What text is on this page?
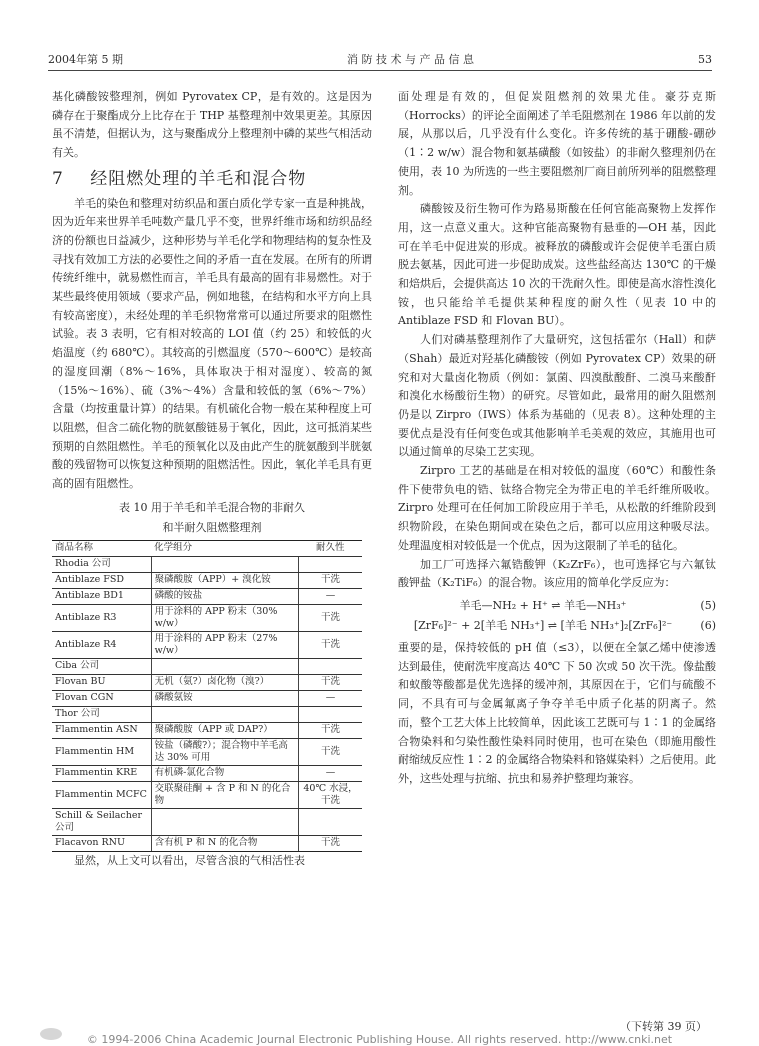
2004年第 5 期	消 防 技 术 与 产 品 信 息	53

基化磷酸铵整理剂，例如 Pyrovatex CP，是有效的。这是因为磷存在于聚酯成分上比存在于 THP 基整理剂中效果更差。其原因虽不清楚，但据认为，这与聚酯成分上整理剂中磷的某些气相活动有关。

7 经阻燃处理的羊毛和混合物

羊毛的染色和整理对纺织品和蛋白质化学专家一直是种挑战，因为近年来世界羊毛吨数产量几乎不变，世界纤维市场和纺织品经济的份额也日益减少，这种形势与羊毛化学和物理结构的复杂性及寻找有效加工方法的必要性之间的矛盾一直在发展。在所有的所谓传统纤维中，就易燃性而言，羊毛具有最高的固有非易燃性。对于某些最终使用领域（要求产品，例如地毯，在结构和水平方向上具有较高密度），未经处理的羊毛织物常常可以通过所要求的阻燃性试验。表 3 表明，它有相对较高的 LOI 值（约 25）和较低的火焰温度（约 680℃）。其较高的引燃温度（570～600℃）是较高的湿度回潮（8%～16%，具体取决于相对湿度）、较高的氮（15%～16%）、硫（3%～4%）含量和较低的氢（6%～7%）含量（均按重量计算）的结果。有机硫化合物一般在某种程度上可以阻燃，但含二硫化物的胱氨酸链易于氧化，因此，这可抵消某些预期的自然阻燃性。羊毛的预氧化以及由此产生的胱氨酸到半胱氨酸的残留物可以恢复这种预期的阻燃活性。因此，氧化羊毛具有更高的固有阻燃性。

表 10 用于羊毛和羊毛混合物的非耐久
和半耐久阻燃整理剂
商品名称	化学组分	耐久性
Rhodia 公司		
Antiblaze FSD	聚磷酸胺（APP）+ 溴化铵	干洗
Antiblaze BD1	磷酸的铵盐	—
Antiblaze R3	用于涂料的 APP 粉末（30% w/w）	干洗
Antiblaze R4	用于涂料的 APP 粉末（27% w/w）	干洗
Ciba 公司		
Flovan BU	无机（氨?）卤化物（溴?）	干洗
Flovan CGN	磷酸氨铵	—
Thor 公司		
Flammentin ASN	聚磷酸胺（APP 或 DAP?）	干洗
Flammentin HM	铵盐（磷酸?）；混合物中羊毛高达 30% 可用	干洗
Flammentin KRE	有机磷-氯化合物	—
Flammentin MCFC	交联聚硅酮 + 含 P 和 N 的化合物	40℃ 水浸，干洗
Schill & Seilacher 公司		
Flacavon RNU	含有机 P 和 N 的化合物	干洗

显然，从上文可以看出，尽管含浪的气相活性表

面处理是有效的，但促炭阻燃剂的效果尤佳。豪芬克斯（Horrocks）的评论全面阐述了羊毛阻燃剂在 1986 年以前的发展，从那以后，几乎没有什么变化。许多传统的基于硼酸-硼砂（1∶2 w/w）混合物和氨基磺酸（如铵盐）的非耐久整理剂仍在使用，表 10 为所选的一些主要阻燃剂厂商目前所列举的阻燃整理剂。

磷酸铵及衍生物可作为路易斯酸在任何官能高聚物上发挥作用，这一点意义重大。这种官能高聚物有悬垂的—OH 基，因此可在羊毛中促进炭的形成。被释放的磷酸或许会促使羊毛蛋白质脱去氨基，因此可进一步促助成炭。这些盐经高达 130℃ 的干燥和焙烘后，会提供高达 10 次的干洗耐久性。即使是高水溶性溴化铵，也只能给羊毛提供某种程度的耐久性（见表 10 中的 Antiblaze FSD 和 Flovan BU）。

人们对磷基整理剂作了大量研究，这包括霍尔（Hall）和萨（Shah）最近对羟基化磷酸铵（例如 Pyrovatex CP）效果的研究和对大量卤化物质（例如：氯菌、四溴酞酸酐、二溴马来酸酐和溴化水杨酸衍生物）的研究。尽管如此，最常用的耐久阻燃剂仍是以 Zirpro（IWS）体系为基础的（见表 8）。这种处理的主要优点是没有任何变色或其他影响羊毛美观的效应，其施用也可以通过简单的尽染工艺实现。

Zirpro 工艺的基础是在相对较低的温度（60℃）和酸性条件下使带负电的锆、钛络合物完全为带正电的羊毛纤维所吸收。Zirpro 处理可在任何加工阶段应用于羊毛，从松散的纤维阶段到织物阶段，在染色期间或在染色之后，都可以应用这种吸尽法。处理温度相对较低是一个优点，因为这限制了羊毛的毡化。

加工厂可选择六氟锆酸钾（K₂ZrF₆），也可选择它与六氟钛酸钾盐（K₂TiF₆）的混合物。该应用的简单化学反应为：

羊毛—NH₂ + H⁺ ⇌ 羊毛—NH₃⁺	(5)
[ZrF₆]²⁻ + 2[羊毛 NH₃⁺] ⇌ [羊毛 NH₃⁺]₂[ZrF₆]²⁻	(6)

重要的是，保持较低的 pH 值（≤3），以便在全氯乙烯中使渗透达到最佳，使耐洗牢度高达 40℃ 下 50 次或 50 次干洗。像盐酸和蚁酸等酸都是优先选择的缓冲剂，其原因在于，它们与硫酸不同，不具有可与金属氟离子争夺羊毛中质子化基的阴离子。然而，整个工艺大体上比较简单，因此该工艺既可与 1∶1 的金属络合物染料和匀染性酸性染料同时使用，也可在染色（即施用酸性耐缩绒反应性 1∶2 的金属络合物染料和铬媒染料）之后使用。此外，这些处理与抗缩、抗虫和易养护整理均兼容。

（下转第 39 页）
© 1994-2006 China Academic Journal Electronic Publishing House. All rights reserved. http://www.cnki.net
